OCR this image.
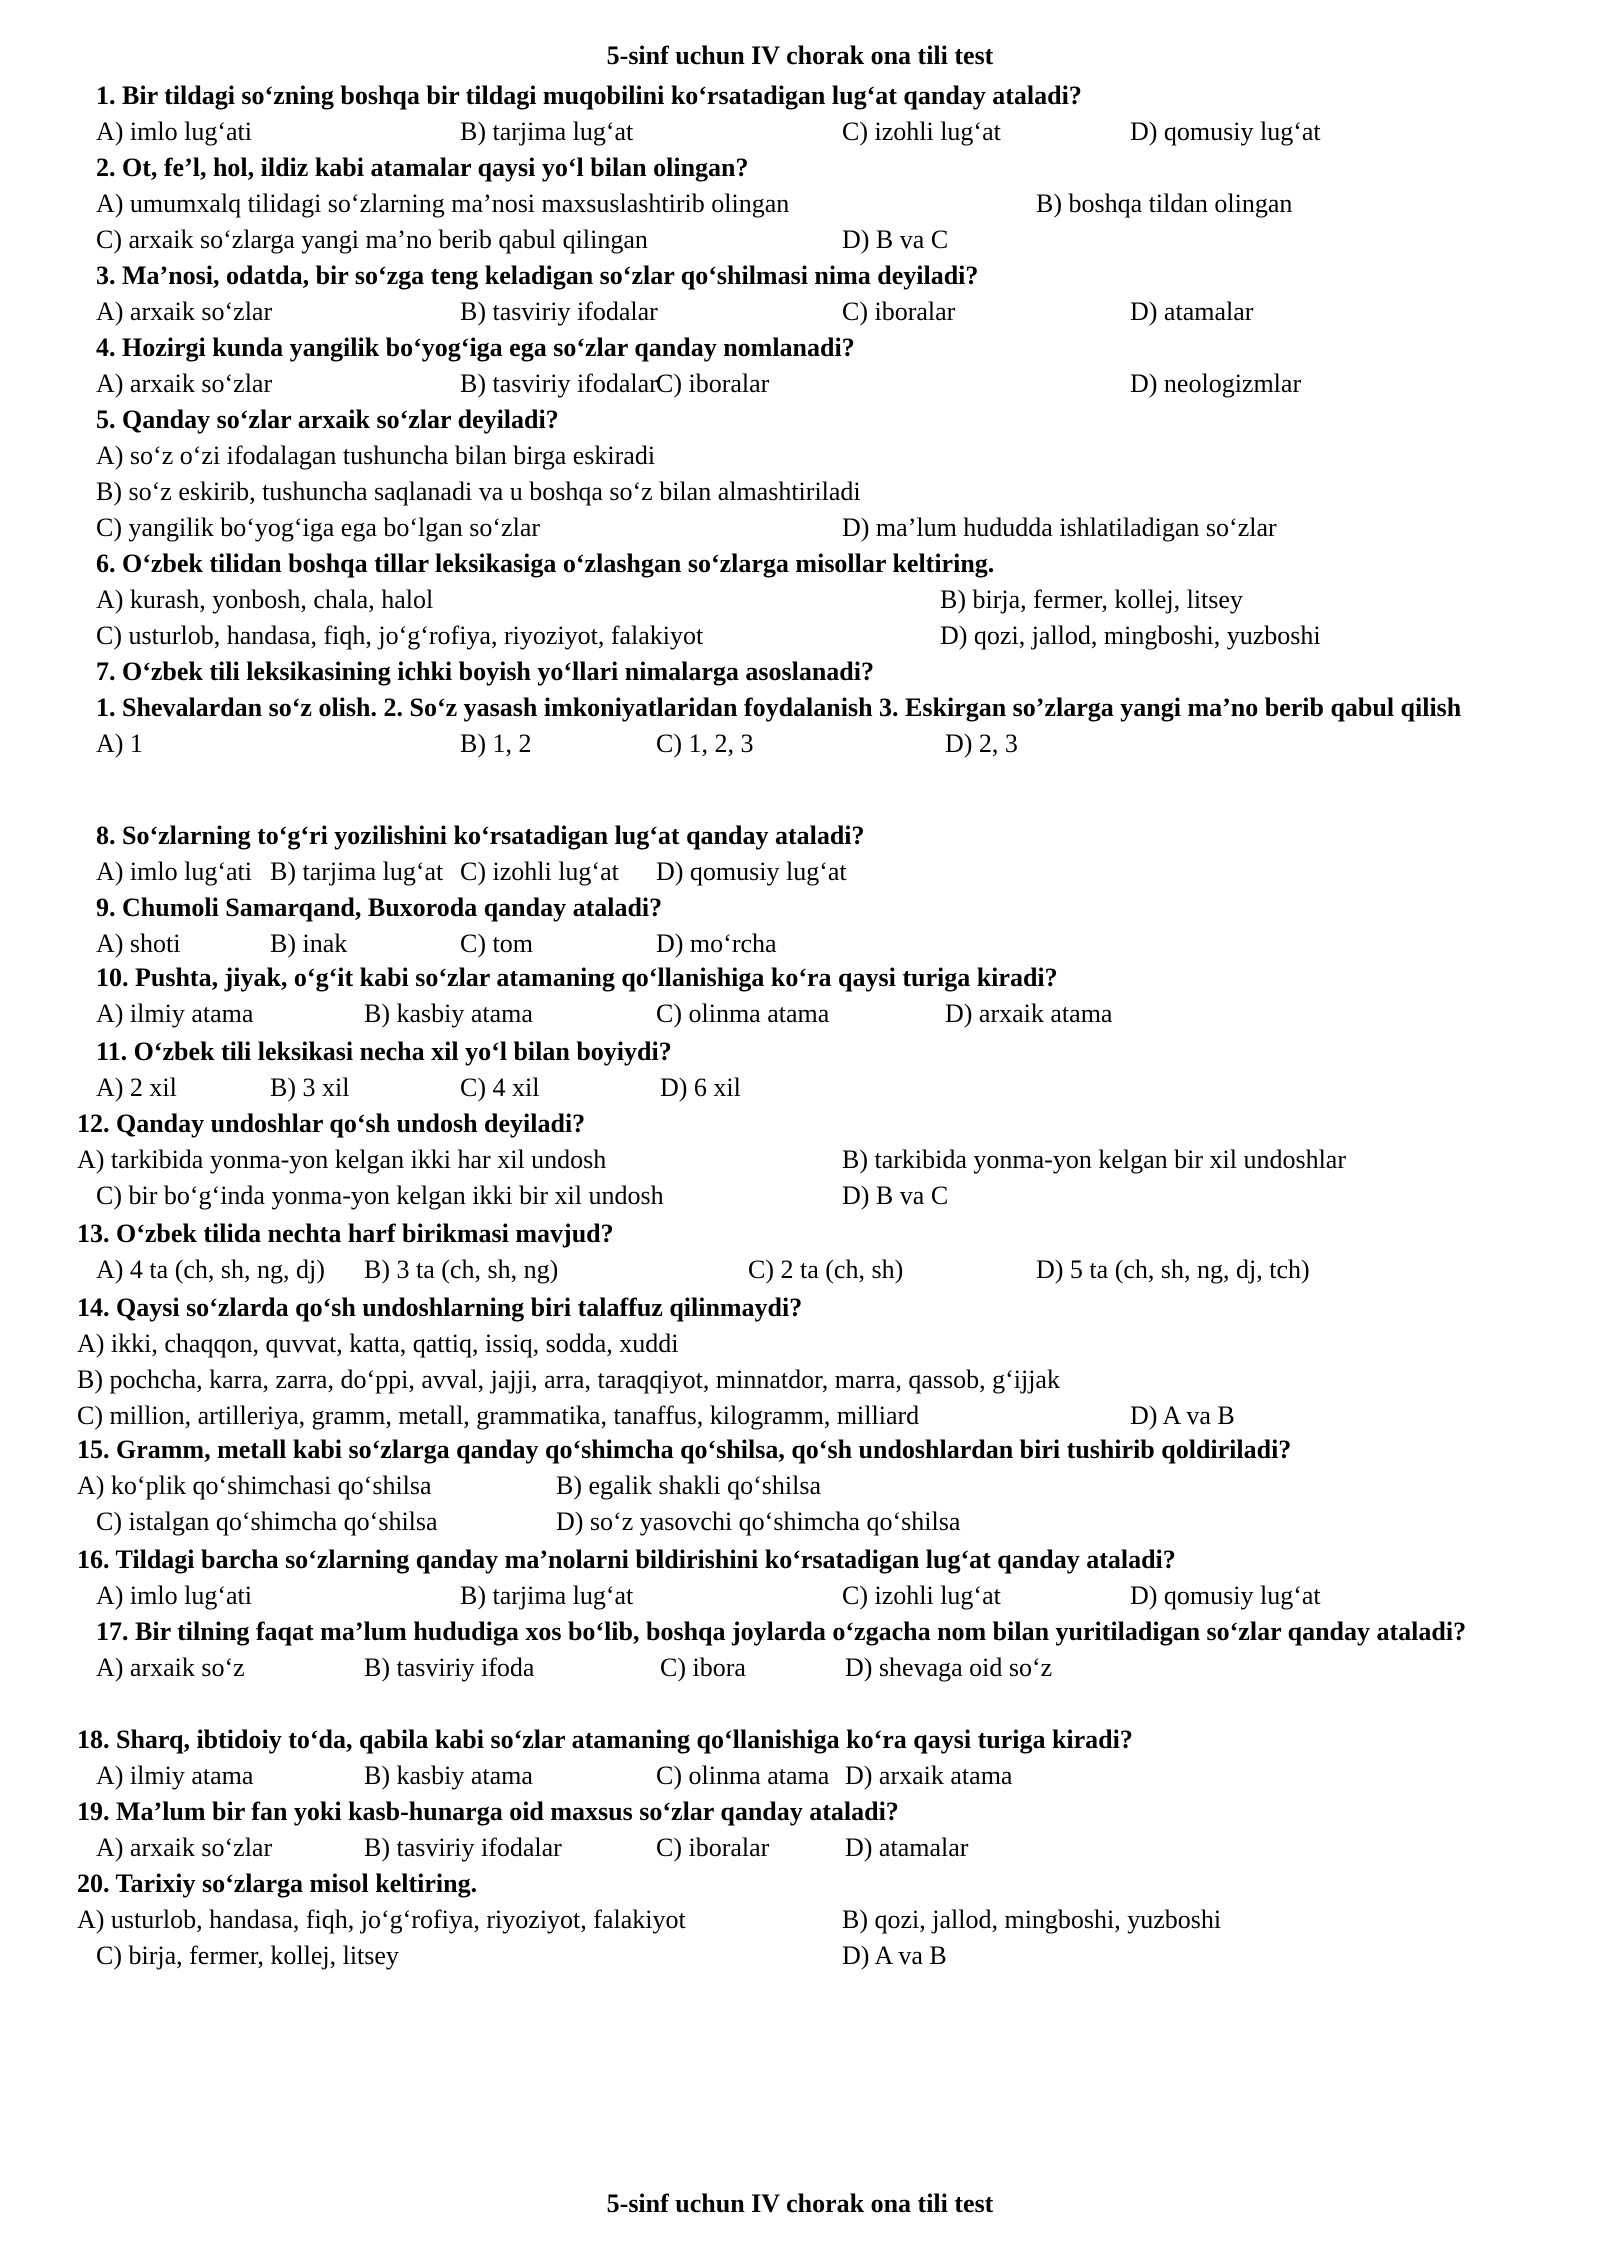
5-sinf uchun IV chorak ona tili test
1. Bir tildagi so‘zning boshqa bir tildagi muqobilini ko‘rsatadigan lug‘at qanday ataladi?
A) imlo lug‘ati	B) tarjima lug‘at	C) izohli lug‘at	D) qomusiy lug‘at
2. Ot, fe’l, hol, ildiz kabi atamalar qaysi yo‘l bilan olingan?
A) umumxalq tilidagi so‘zlarning ma’nosi maxsuslashtirib olingan	B) boshqa tildan olingan
C) arxaik so‘zlarga yangi ma’no berib qabul qilingan	D) B va C
3. Ma’nosi, odatda, bir so‘zga teng keladigan so‘zlar qo‘shilmasi nima deyiladi?
A) arxaik so‘zlar	B) tasviriy ifodalar	C) iboralar	D) atamalar
4. Hozirgi kunda yangilik bo‘yog‘iga ega so‘zlar qanday nomlanadi?
A) arxaik so‘zlar	B) tasviriy ifodalar
C) iboralar	D) neologizmlar
5. Qanday so‘zlar arxaik so‘zlar deyiladi?
A) so‘z o‘zi ifodalagan tushuncha bilan birga eskiradi
B) so‘z eskirib, tushuncha saqlanadi va u boshqa so‘z bilan almashtiriladi
C) yangilik bo‘yog‘iga ega bo‘lgan so‘zlar	D) ma’lum hududda ishlatiladigan so‘zlar
6. O‘zbek tilidan boshqa tillar leksikasiga o‘zlashgan so‘zlarga misollar keltiring.
A) kurash, yonbosh, chala, halol	B) birja, fermer, kollej, litsey
C) usturlob, handasa, fiqh, jo‘g‘rofiya, riyoziyot, falakiyot	D) qozi, jallod, mingboshi, yuzboshi
7. O‘zbek tili leksikasining ichki boyish yo‘llari nimalarga asoslanadi?
1. Shevalardan so‘z olish. 2. So‘z yasash imkoniyatlaridan foydalanish 3. Eskirgan so’zlarga yangi ma’no berib qabul qilish
A) 1	B) 1, 2	C) 1, 2, 3	D) 2, 3
8. So‘zlarning to‘g‘ri yozilishini ko‘rsatadigan lug‘at qanday ataladi?
A) imlo lug‘ati B) tarjima lug‘at C) izohli lug‘at D) qomusiy lug‘at
9. Chumoli Samarqand, Buxoroda qanday ataladi?
A) shoti	B) inak	C) tom	D) mo‘rcha
10. Pushta, jiyak, o‘g‘it kabi so‘zlar atamaning qo‘llanishiga ko‘ra qaysi turiga kiradi?
A) ilmiy atama	B) kasbiy atama	C) olinma atama	D) arxaik atama
11. O‘zbek tili leksikasi necha xil yo‘l bilan boyiydi?
A) 2 xil	B) 3 xil	C) 4 xil	D) 6 xil
12. Qanday undoshlar qo‘sh undosh deyiladi?
A) tarkibida yonma-yon kelgan ikki har xil undosh	B) tarkibida yonma-yon kelgan bir xil undoshlar
C) bir bo‘g‘inda yonma-yon kelgan ikki bir xil undosh	D) B va C
13. O‘zbek tilida nechta harf birikmasi mavjud?
A) 4 ta (ch, sh, ng, dj) B) 3 ta (ch, sh, ng)	C) 2 ta (ch, sh)	D) 5 ta (ch, sh, ng, dj, tch)
14. Qaysi so‘zlarda qo‘sh undoshlarning biri talaffuz qilinmaydi?
A) ikki, chaqqon, quvvat, katta, qattiq, issiq, sodda, xuddi
B) pochcha, karra, zarra, do‘ppi, avval, jajji, arra, taraqqiyot, minnatdor, marra, qassob, g‘ijjak
C) million, artilleriya, gramm, metall, grammatika, tanaffus, kilogramm, milliard	D) A va B
15. Gramm, metall kabi so‘zlarga qanday qo‘shimcha qo‘shilsa, qo‘sh undoshlardan biri tushirib qoldiriladi?
A) ko‘plik qo‘shimchasi qo‘shilsa	B) egalik shakli qo‘shilsa
C) istalgan qo‘shimcha qo‘shilsa	D) so‘z yasovchi qo‘shimcha qo‘shilsa
16. Tildagi barcha so‘zlarning qanday ma’nolarni bildirishini ko‘rsatadigan lug‘at qanday ataladi?
A) imlo lug‘ati	B) tarjima lug‘at	C) izohli lug‘at	D) qomusiy lug‘at
17. Bir tilning faqat ma’lum hududiga xos bo‘lib, boshqa joylarda o‘zgacha nom bilan yuritiladigan so‘zlar qanday ataladi?
A) arxaik so‘z	B) tasviriy ifoda	C) ibora	D) shevaga oid so‘z
18. Sharq, ibtidoiy to‘da, qabila kabi so‘zlar atamaning qo‘llanishiga ko‘ra qaysi turiga kiradi?
A) ilmiy atama	B) kasbiy atama	C) olinma atama D) arxaik atama
19. Ma’lum bir fan yoki kasb-hunarga oid maxsus so‘zlar qanday ataladi?
A) arxaik so‘zlar	B) tasviriy ifodalar	C) iboralar	D) atamalar
20. Tarixiy so‘zlarga misol keltiring.
A) usturlob, handasa, fiqh, jo‘g‘rofiya, riyoziyot, falakiyot	B) qozi, jallod, mingboshi, yuzboshi
C) birja, fermer, kollej, litsey	D) A va B
5-sinf uchun IV chorak ona tili test
